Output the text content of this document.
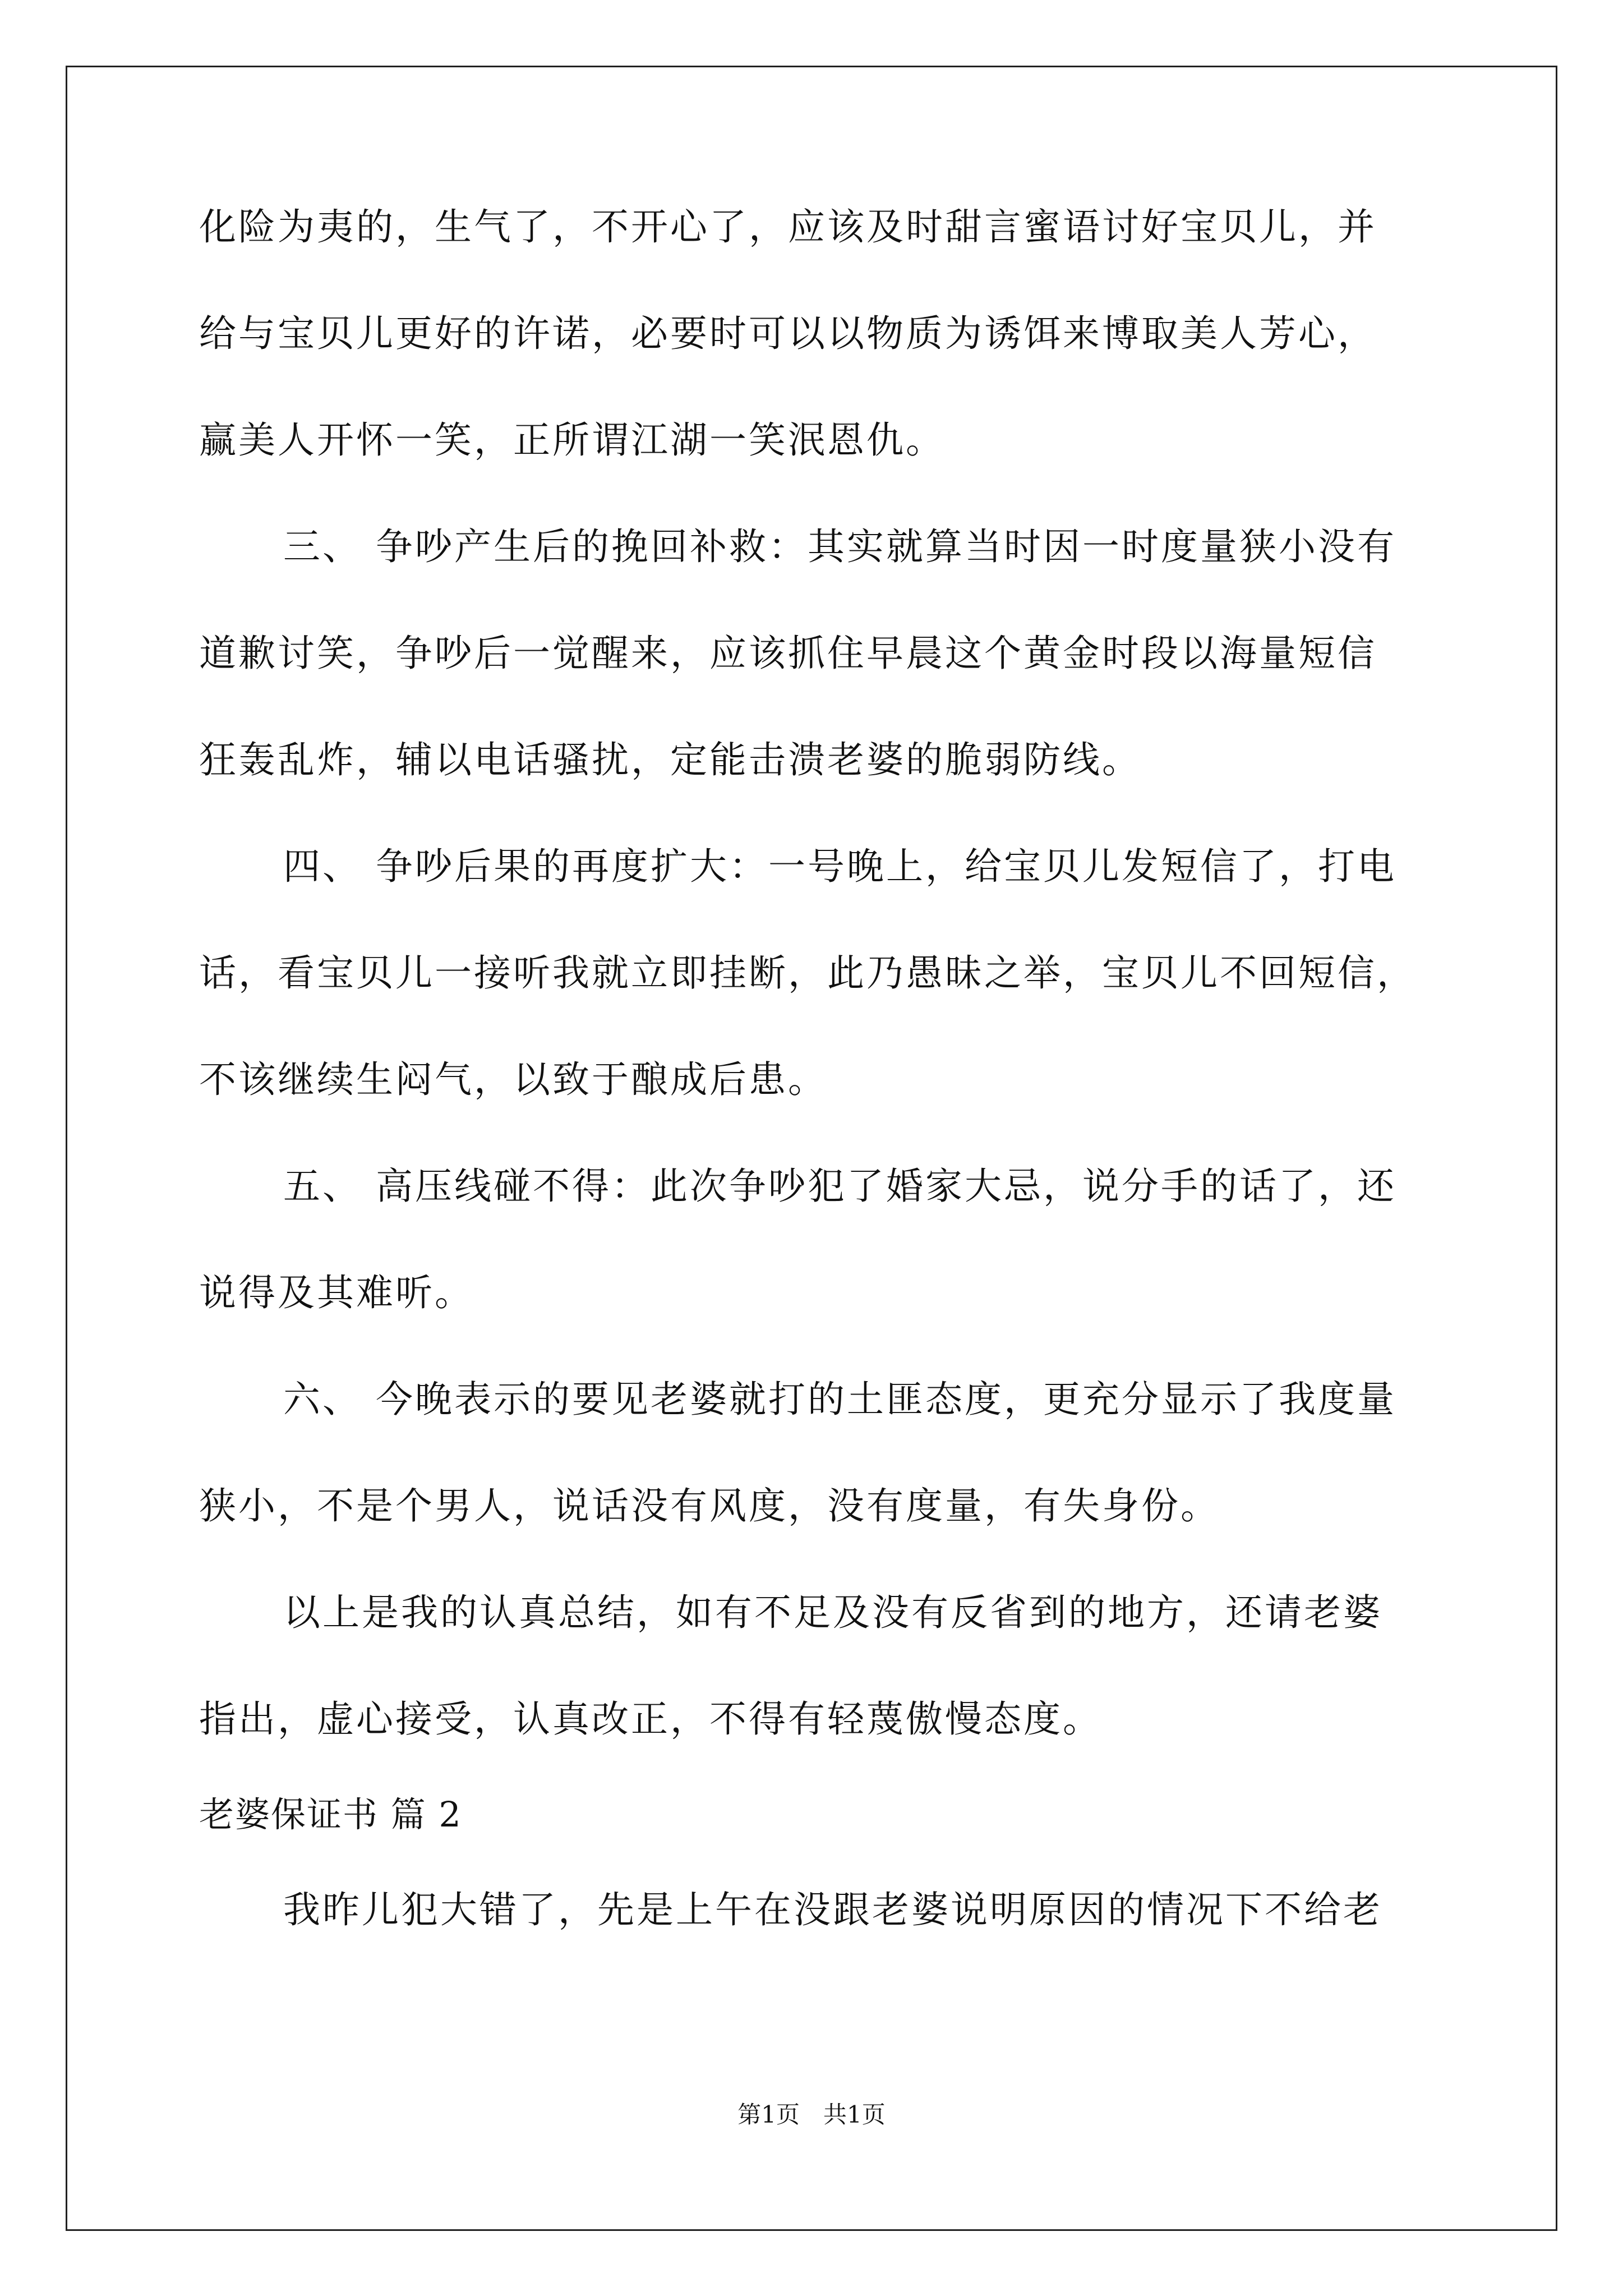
化险为夷的，生气了，不开心了，应该及时甜言蜜语讨好宝贝儿，并
给与宝贝儿更好的许诺，必要时可以以物质为诱饵来博取美人芳心，
赢美人开怀一笑，正所谓江湖一笑泯恩仇。
三、 争吵产生后的挽回补救：其实就算当时因一时度量狭小没有
道歉讨笑，争吵后一觉醒来，应该抓住早晨这个黄金时段以海量短信
狂轰乱炸，辅以电话骚扰，定能击溃老婆的脆弱防线。
四、 争吵后果的再度扩大：一号晚上，给宝贝儿发短信了，打电
话，看宝贝儿一接听我就立即挂断，此乃愚昧之举，宝贝儿不回短信，
不该继续生闷气，以致于酿成后患。
五、 高压线碰不得：此次争吵犯了婚家大忌，说分手的话了，还
说得及其难听。
六、 今晚表示的要见老婆就打的土匪态度，更充分显示了我度量
狭小，不是个男人，说话没有风度，没有度量，有失身份。
以上是我的认真总结，如有不足及没有反省到的地方，还请老婆
指出，虚心接受，认真改正，不得有轻蔑傲慢态度。
老婆保证书 篇 2
我昨儿犯大错了，先是上午在没跟老婆说明原因的情况下不给老
第1页　共1页
